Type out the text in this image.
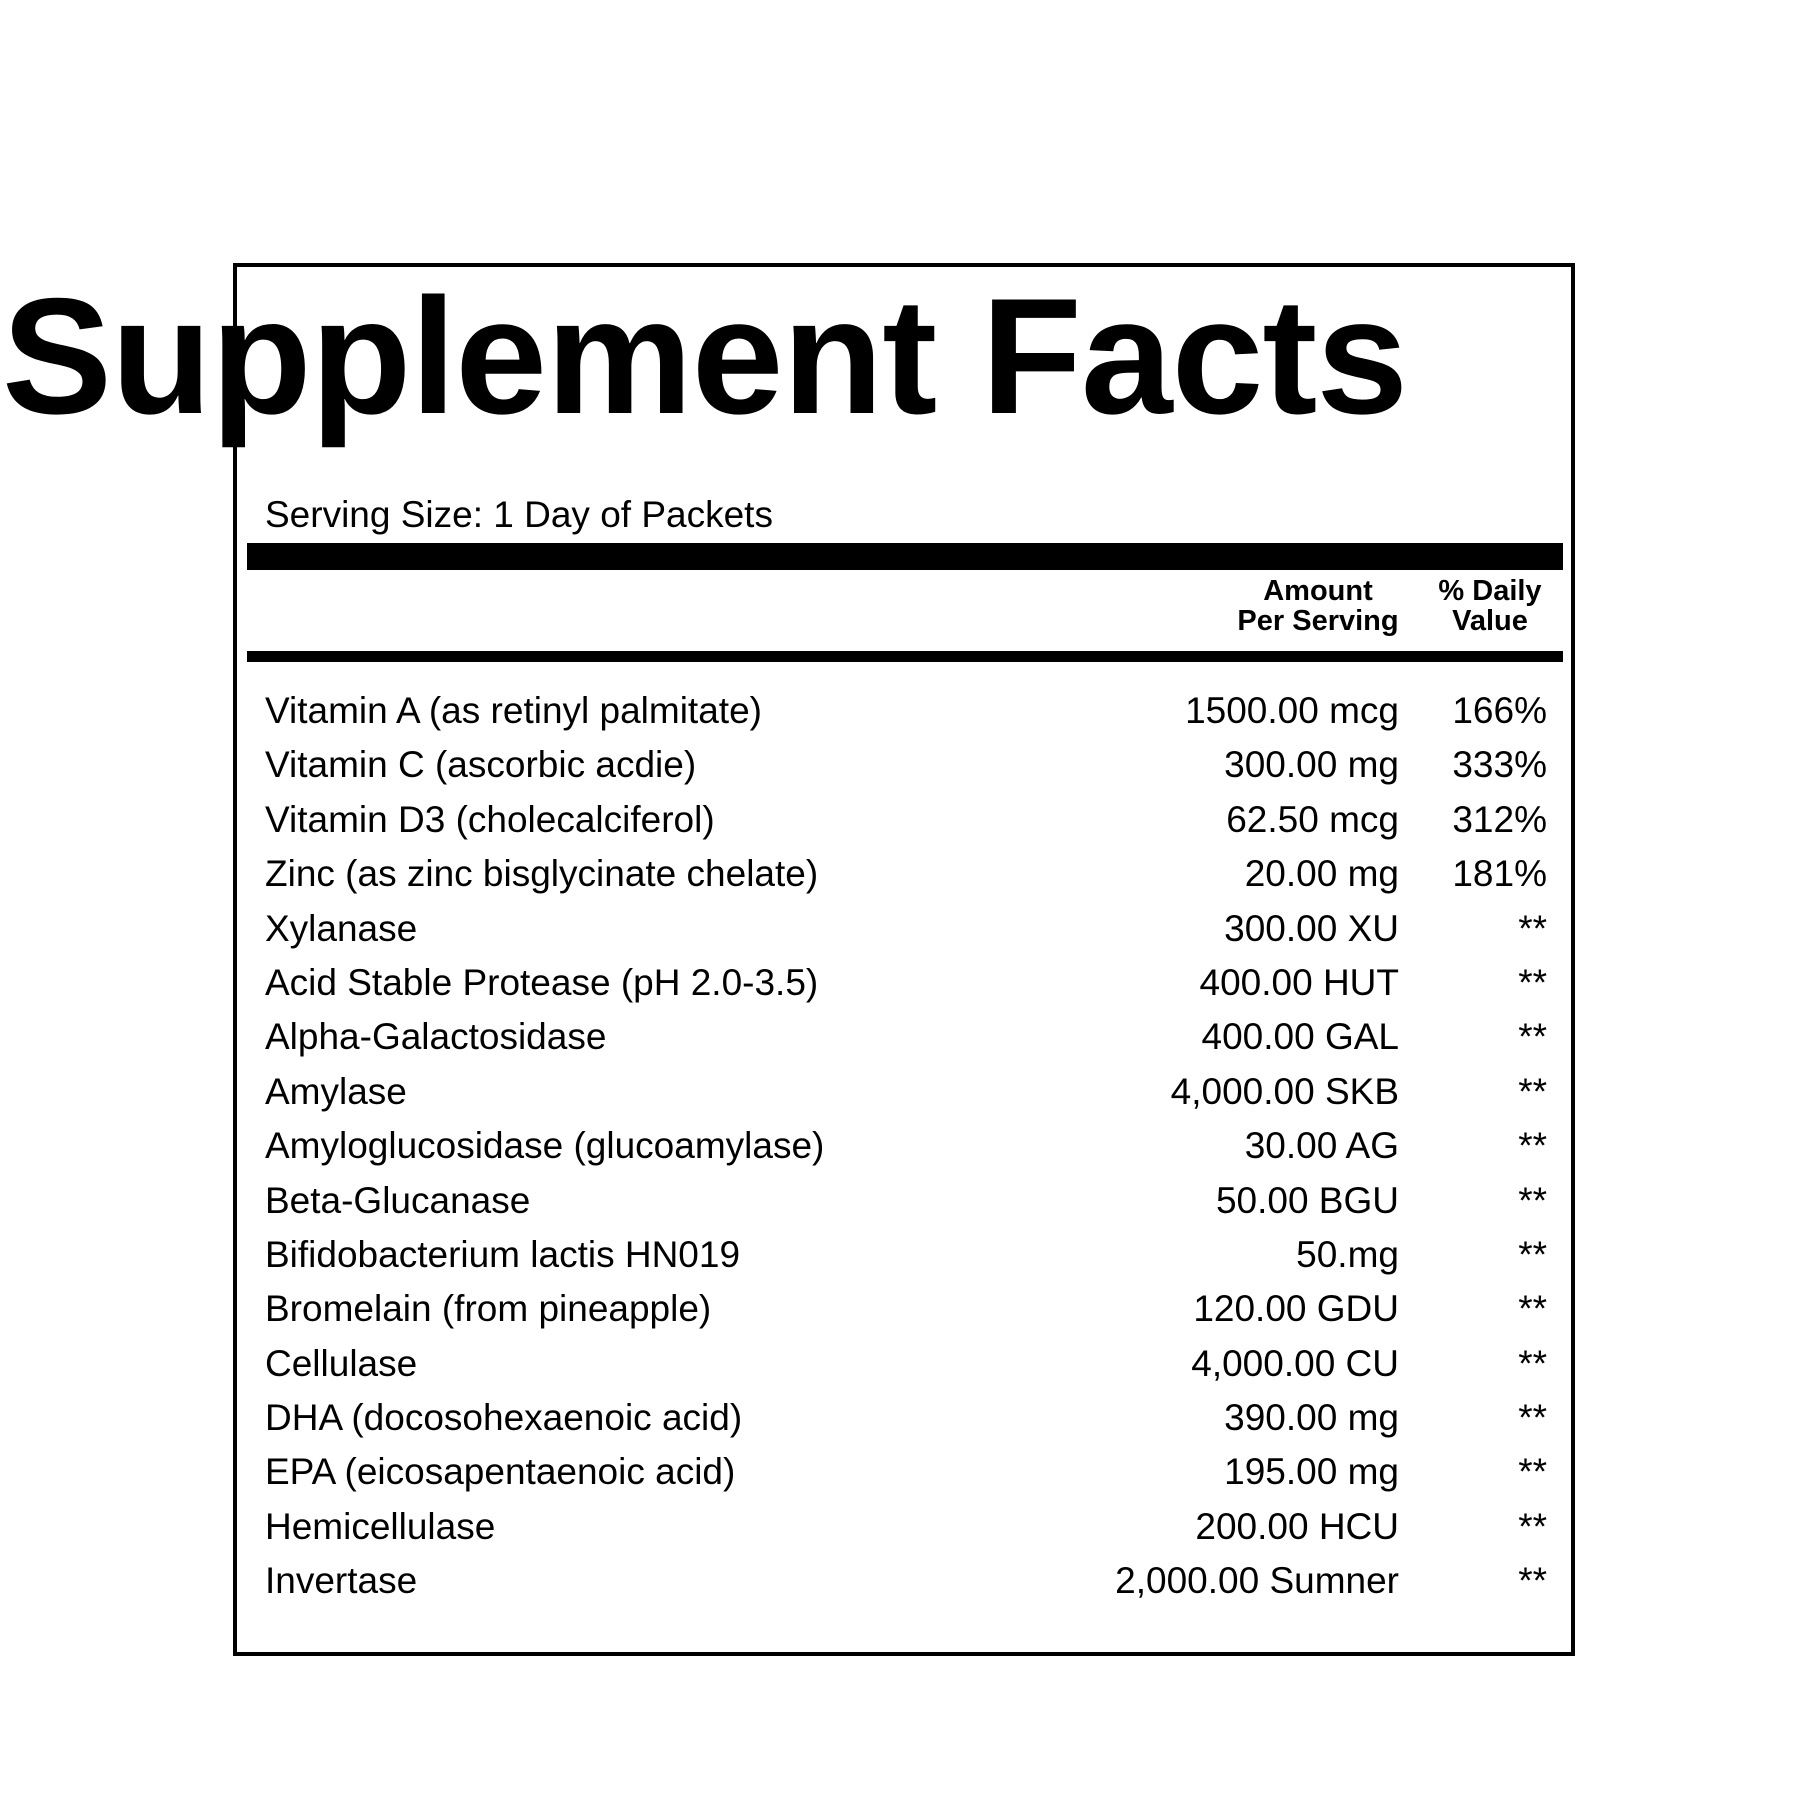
Supplement Facts
Serving Size: 1 Day of Packets
Amount
Per Serving
% Daily
Value
Vitamin A (as retinyl palmitate)	1500.00 mcg 166%
Vitamin C (ascorbic acdie)	300.00 mg 333%
Vitamin D3 (cholecalciferol)	62.50 mcg 312%
Zinc (as zinc bisglycinate chelate)	20.00 mg 181%
Xylanase	300.00 XU	**
Acid Stable Protease (pH 2.0-3.5)	400.00 HUT	**
Alpha-Galactosidase	400.00 GAL	**
Amylase	4,000.00 SKB	**
Amyloglucosidase (glucoamylase)	30.00 AG	**
Beta-Glucanase	50.00 BGU	**
Bifidobacterium lactis HN019	50.mg	**
Bromelain (from pineapple)	120.00 GDU	**
Cellulase	4,000.00 CU	**
DHA (docosohexaenoic acid)	390.00 mg	**
EPA (eicosapentaenoic acid)	195.00 mg	**
Hemicellulase	200.00 HCU	**
Invertase	2,000.00 Sumner	**
